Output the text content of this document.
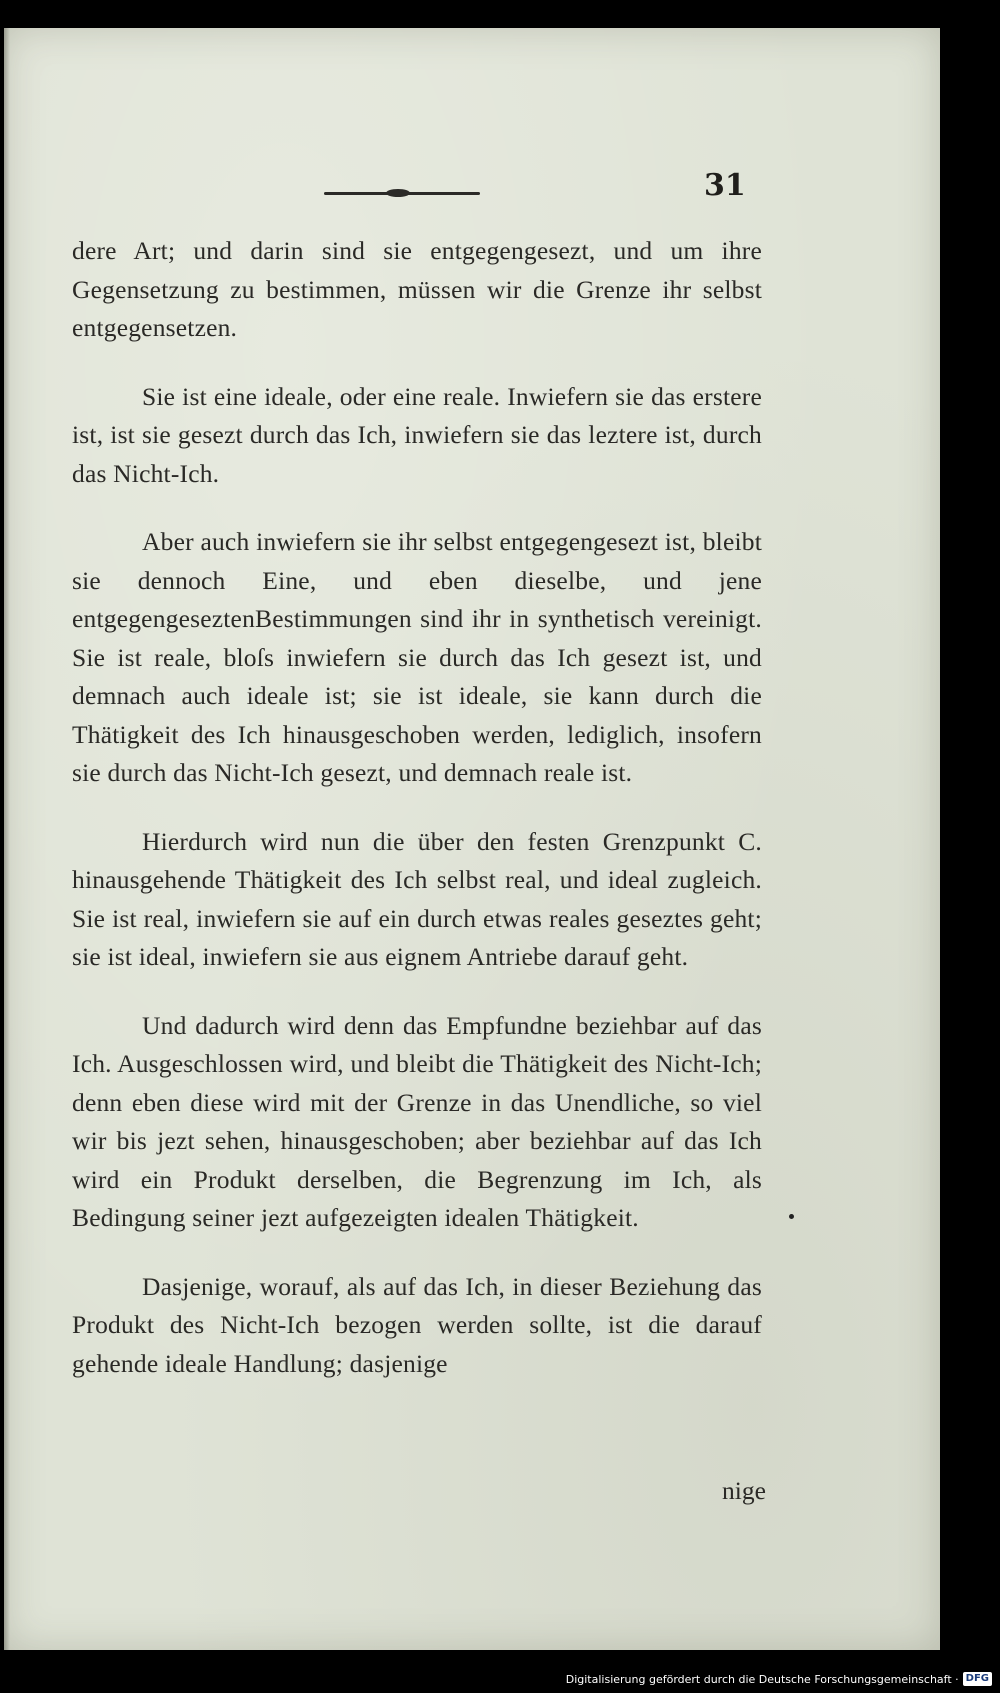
31

dere Art; und darin sind sie entgegengesezt, und um ihre Gegensetzung zu bestimmen, müssen wir die Grenze ihr selbst entgegensetzen.

Sie ist eine ideale, oder eine reale. Inwiefern sie das erstere ist, ist sie gesezt durch das Ich, inwiefern sie das leztere ist, durch das Nicht-Ich.

Aber auch inwiefern sie ihr selbst entgegengesezt ist, bleibt sie dennoch Eine, und eben dieselbe, und jene entgegengeseztenBestimmungen sind ihr in synthetisch vereinigt. Sie ist reale, bloſs inwiefern sie durch das Ich gesezt ist, und demnach auch ideale ist; sie ist ideale, sie kann durch die Thätigkeit des Ich hinausgeschoben werden, lediglich, insofern sie durch das Nicht-Ich gesezt, und demnach reale ist.

Hierdurch wird nun die über den festen Grenzpunkt C. hinausgehende Thätigkeit des Ich selbst real, und ideal zugleich. Sie ist real, inwiefern sie auf ein durch etwas reales geseztes geht; sie ist ideal, inwiefern sie aus eignem Antriebe darauf geht.

Und dadurch wird denn das Empfundne beziehbar auf das Ich. Ausgeschlossen wird, und bleibt die Thätigkeit des Nicht-Ich; denn eben diese wird mit der Grenze in das Unendliche, so viel wir bis jezt sehen, hinausgeschoben; aber beziehbar auf das Ich wird ein Produkt derselben, die Begrenzung im Ich, als Bedingung seiner jezt aufgezeigten idealen Thätigkeit.

Dasjenige, worauf, als auf das Ich, in dieser Beziehung das Produkt des Nicht-Ich bezogen werden sollte, ist die darauf gehende ideale Handlung; dasjenige

nige
Digitalisierung gefördert durch die Deutsche Forschungsgemeinschaft · DFG
